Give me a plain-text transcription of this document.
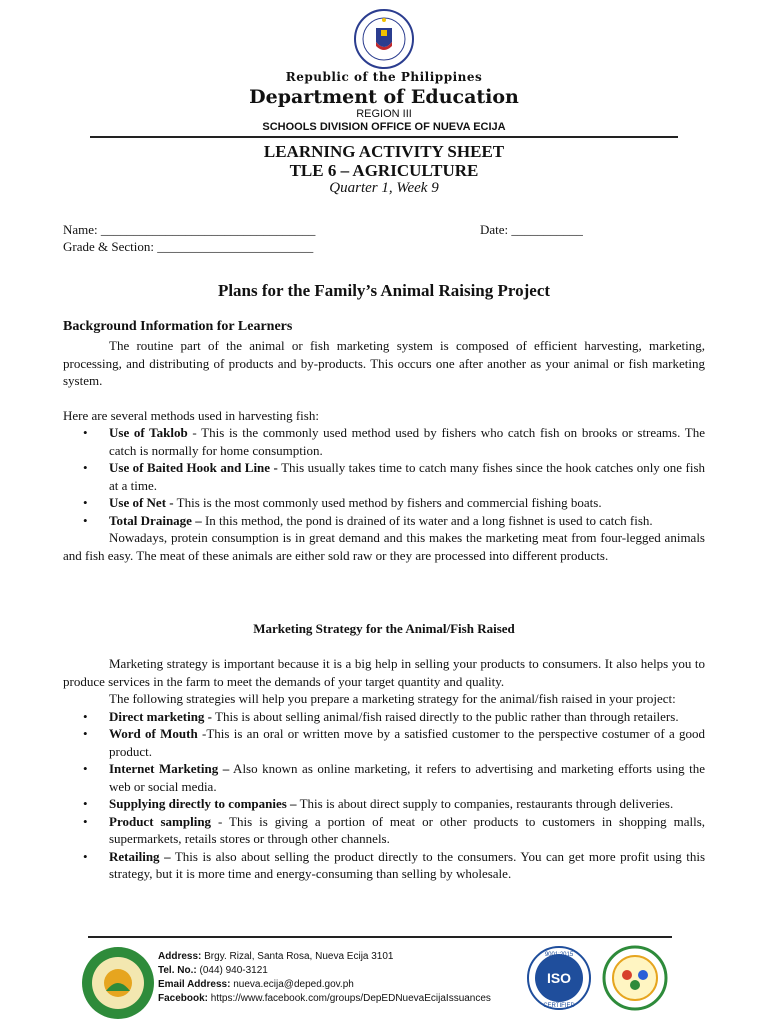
Republic of the Philippines
Department of Education
REGION III
SCHOOLS DIVISION OFFICE OF NUEVA ECIJA
LEARNING ACTIVITY SHEET
TLE 6 – AGRICULTURE
Quarter 1, Week 9
Name: _________________________________	Date: ___________
Grade & Section: ________________________
Plans for the Family’s Animal Raising Project
Background Information for Learners

The routine part of the animal or fish marketing system is composed of efficient harvesting, marketing, processing, and distributing of products and by-products. This occurs one after another as your animal or fish marketing system.

Here are several methods used in harvesting fish:

• Use of Taklob - This is the commonly used method used by fishers who catch fish on brooks or streams. The catch is normally for home consumption.
• Use of Baited Hook and Line - This usually takes time to catch many fishes since the hook catches only one fish at a time.
• Use of Net - This is the most commonly used method by fishers and commercial fishing boats.
• Total Drainage – In this method, the pond is drained of its water and a long fishnet is used to catch fish.

Nowadays, protein consumption is in great demand and this makes the marketing meat from four-legged animals and fish easy. The meat of these animals are either sold raw or they are processed into different products.

Marketing Strategy for the Animal/Fish Raised

Marketing strategy is important because it is a big help in selling your products to consumers. It also helps you to produce services in the farm to meet the demands of your target quantity and quality.

The following strategies will help you prepare a marketing strategy for the animal/fish raised in your project:

• Direct marketing - This is about selling animal/fish raised directly to the public rather than through retailers.
• Word of Mouth -This is an oral or written move by a satisfied customer to the perspective costumer of a good product.
• Internet Marketing – Also known as online marketing, it refers to advertising and marketing efforts using the web or social media.
• Supplying directly to companies – This is about direct supply to companies, restaurants through deliveries.
• Product sampling - This is giving a portion of meat or other products to customers in shopping malls, supermarkets, retails stores or through other channels.
• Retailing – This is also about selling the product directly to the consumers. You can get more profit using this strategy, but it is more time and energy-consuming than selling by wholesale.
Address: Brgy. Rizal, Santa Rosa, Nueva Ecija 3101
Tel. No.: (044) 940-3121
Email Address: nueva.ecija@deped.gov.ph
Facebook: https://www.facebook.com/groups/DepEDNuevaEcijaIssuances
ISO
9001:2015
CERTIFIED
